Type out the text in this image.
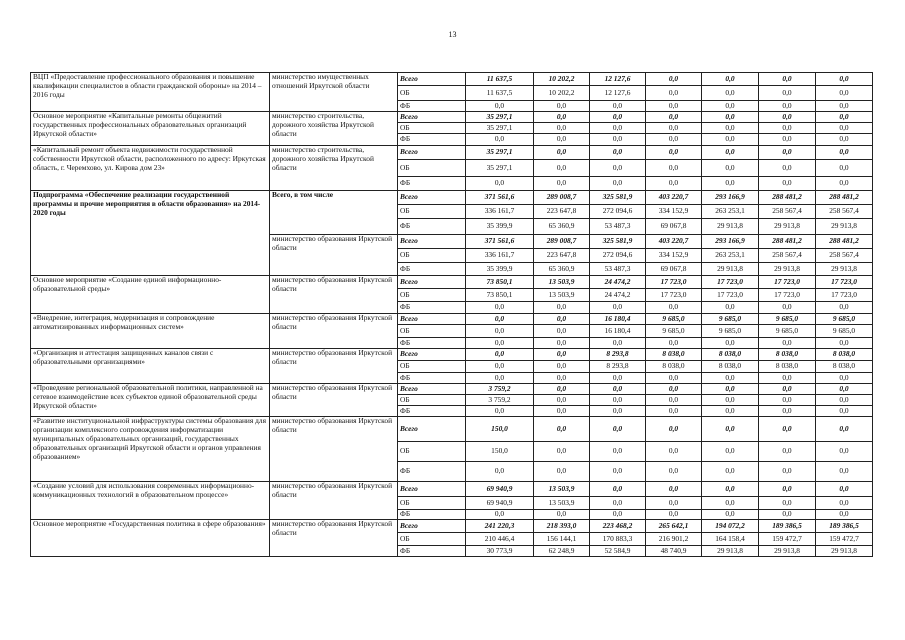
13
ВЦП «Предоставление профессионального образования и повышение квалификации специалистов в области гражданской обороны» на 2014 – 2016 годы	министерство имущественных отношений Иркутской области	Всего	11 637,5	10 202,2	12 127,6	0,0	0,0	0,0	0,0
		ОБ	11 637,5	10 202,2	12 127,6	0,0	0,0	0,0	0,0
		ФБ	0,0	0,0	0,0	0,0	0,0	0,0	0,0
Основное мероприятие «Капитальные ремонты общежитий государственных профессиональных образовательных организаций Иркутской области»	министерство строительства, дорожного хозяйства Иркутской области	Всего	35 297,1	0,0	0,0	0,0	0,0	0,0	0,0
		ОБ	35 297,1	0,0	0,0	0,0	0,0	0,0	0,0
		ФБ	0,0	0,0	0,0	0,0	0,0	0,0	0,0
«Капитальный ремонт объекта недвижимости государственной собственности Иркутской области, расположенного по адресу: Иркутская область, г. Черемхово, ул. Кирова дом 23»	министерство строительства, дорожного хозяйства Иркутской области	Всего	35 297,1	0,0	0,0	0,0	0,0	0,0	0,0
		ОБ	35 297,1	0,0	0,0	0,0	0,0	0,0	0,0
		ФБ	0,0	0,0	0,0	0,0	0,0	0,0	0,0
Подпрограмма «Обеспечение реализации государственной программы и прочие мероприятия в области образования» на 2014-2020 годы	Всего, в том числе	Всего	371 561,6	289 008,7	325 581,9	403 220,7	293 166,9	288 481,2	288 481,2
		ОБ	336 161,7	223 647,8	272 094,6	334 152,9	263 253,1	258 567,4	258 567,4
		ФБ	35 399,9	65 360,9	53 487,3	69 067,8	29 913,8	29 913,8	29 913,8
	министерство образования Иркутской области	Всего	371 561,6	289 008,7	325 581,9	403 220,7	293 166,9	288 481,2	288 481,2
		ОБ	336 161,7	223 647,8	272 094,6	334 152,9	263 253,1	258 567,4	258 567,4
		ФБ	35 399,9	65 360,9	53 487,3	69 067,8	29 913,8	29 913,8	29 913,8
Основное мероприятие «Создание единой информационно-образовательной среды»	министерство образования Иркутской области	Всего	73 850,1	13 503,9	24 474,2	17 723,0	17 723,0	17 723,0	17 723,0
		ОБ	73 850,1	13 503,9	24 474,2	17 723,0	17 723,0	17 723,0	17 723,0
		ФБ	0,0	0,0	0,0	0,0	0,0	0,0	0,0
«Внедрение, интеграция, модернизация и сопровождение автоматизированных информационных систем»	министерство образования Иркутской области	Всего	0,0	0,0	16 180,4	9 685,0	9 685,0	9 685,0	9 685,0
		ОБ	0,0	0,0	16 180,4	9 685,0	9 685,0	9 685,0	9 685,0
		ФБ	0,0	0,0	0,0	0,0	0,0	0,0	0,0
«Организация и аттестация защищенных каналов связи с образовательными организациями»	министерство образования Иркутской области	Всего	0,0	0,0	8 293,8	8 038,0	8 038,0	8 038,0	8 038,0
		ОБ	0,0	0,0	8 293,8	8 038,0	8 038,0	8 038,0	8 038,0
		ФБ	0,0	0,0	0,0	0,0	0,0	0,0	0,0
«Проведение региональной образовательной политики, направленной на сетевое взаимодействие всех субъектов единой образовательной среды Иркутской области»	министерство образования Иркутской области	Всего	3 759,2	0,0	0,0	0,0	0,0	0,0	0,0
		ОБ	3 759,2	0,0	0,0	0,0	0,0	0,0	0,0
		ФБ	0,0	0,0	0,0	0,0	0,0	0,0	0,0
«Развитие институциональной инфраструктуры системы образования для организации комплексного сопровождения информатизации муниципальных образовательных организаций, государственных образовательных организаций Иркутской области и органов управления образованием»	министерство образования Иркутской области	Всего	150,0	0,0	0,0	0,0	0,0	0,0	0,0
		ОБ	150,0	0,0	0,0	0,0	0,0	0,0	0,0
		ФБ	0,0	0,0	0,0	0,0	0,0	0,0	0,0
«Создание условий для использования современных информационно-коммуникационных технологий в образовательном процессе»	министерство образования Иркутской области	Всего	69 940,9	13 503,9	0,0	0,0	0,0	0,0	0,0
		ОБ	69 940,9	13 503,9	0,0	0,0	0,0	0,0	0,0
		ФБ	0,0	0,0	0,0	0,0	0,0	0,0	0,0
Основное мероприятие «Государственная политика в сфере образования»	министерство образования Иркутской области	Всего	241 220,3	218 393,0	223 468,2	265 642,1	194 072,2	189 386,5	189 386,5
		ОБ	210 446,4	156 144,1	170 883,3	216 901,2	164 158,4	159 472,7	159 472,7
		ФБ	30 773,9	62 248,9	52 584,9	48 740,9	29 913,8	29 913,8	29 913,8
